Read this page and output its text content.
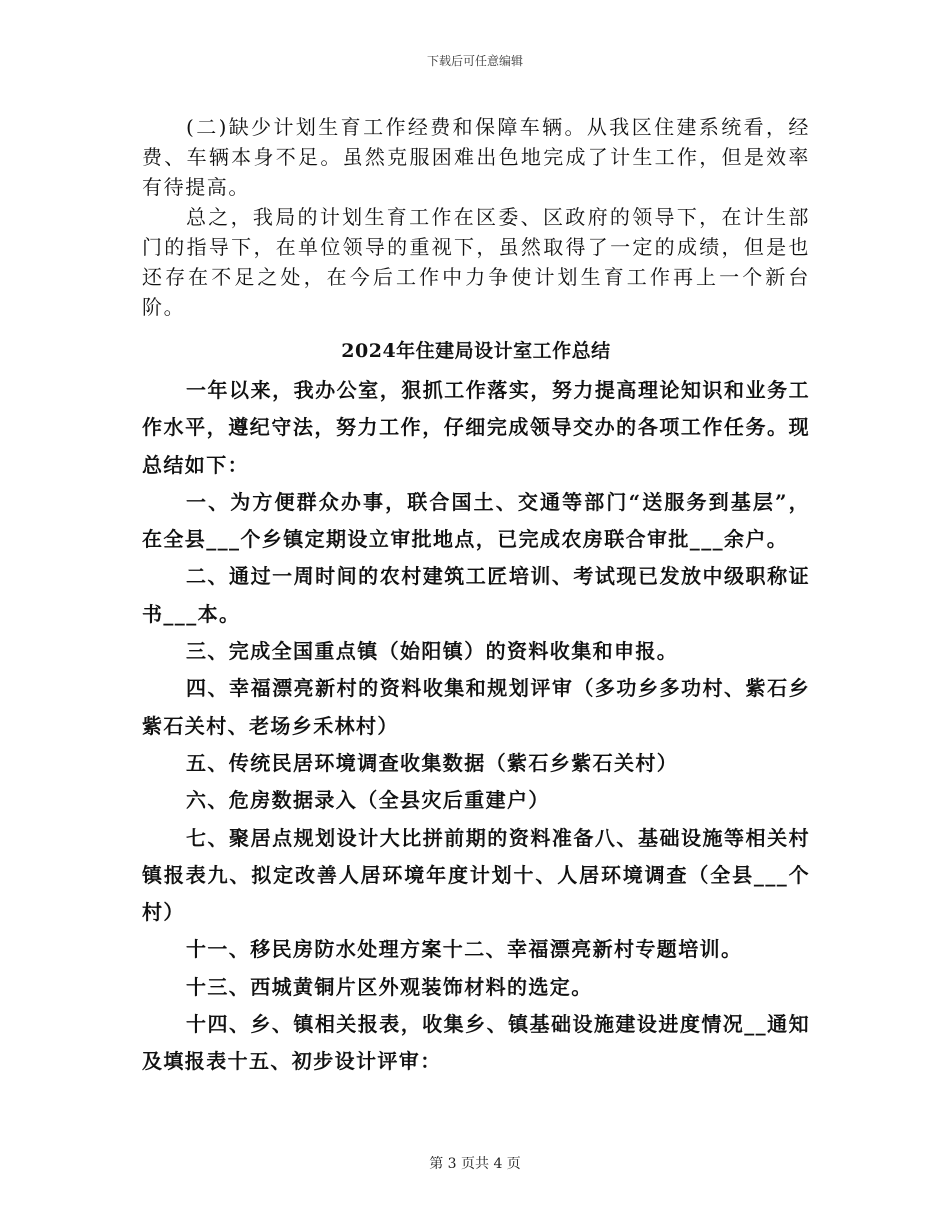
下载后可任意编辑

(二)缺少计划生育工作经费和保障车辆。从我区住建系统看，经费、车辆本身不足。虽然克服困难出色地完成了计生工作，但是效率有待提高。

总之，我局的计划生育工作在区委、区政府的领导下，在计生部门的指导下，在单位领导的重视下，虽然取得了一定的成绩，但是也还存在不足之处，在今后工作中力争使计划生育工作再上一个新台阶。

2024年住建局设计室工作总结

一年以来，我办公室，狠抓工作落实，努力提高理论知识和业务工作水平，遵纪守法，努力工作，仔细完成领导交办的各项工作任务。现总结如下：

一、为方便群众办事，联合国土、交通等部门“送服务到基层”，在全县___个乡镇定期设立审批地点，已完成农房联合审批___余户。

二、通过一周时间的农村建筑工匠培训、考试现已发放中级职称证书___本。

三、完成全国重点镇（始阳镇）的资料收集和申报。

四、幸福漂亮新村的资料收集和规划评审（多功乡多功村、紫石乡紫石关村、老场乡禾林村）

五、传统民居环境调查收集数据（紫石乡紫石关村）

六、危房数据录入（全县灾后重建户）

七、聚居点规划设计大比拼前期的资料准备八、基础设施等相关村镇报表九、拟定改善人居环境年度计划十、人居环境调查（全县___个村）

十一、移民房防水处理方案十二、幸福漂亮新村专题培训。

十三、西城黄铜片区外观装饰材料的选定。

十四、乡、镇相关报表，收集乡、镇基础设施建设进度情况__通知及填报表十五、初步设计评审：

第 3 页共 4 页
